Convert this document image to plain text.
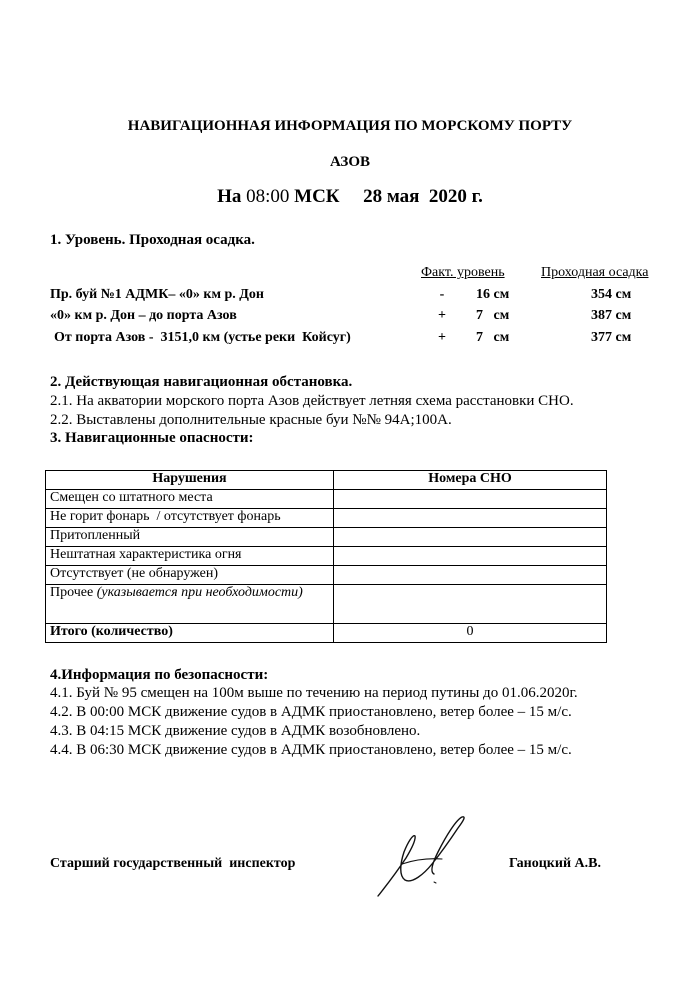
НАВИГАЦИОННАЯ ИНФОРМАЦИЯ ПО МОРСКОМУ ПОРТУ
АЗОВ
На 08:00 МСК 28 мая  2020 г.
1. Уровень. Проходная осадка.
Факт. уровень	Проходная осадка
Пр. буй №1 АДМК– «0» км р. Дон	-	16 см	354 см
«0» км р. Дон – до порта Азов	+ 7   см	387 см
От порта Азов -  3151,0 км (устье реки  Койсуг)	+ 7   см	377 см
2. Действующая навигационная обстановка.
2.1. На акватории морского порта Азов действует летняя схема расстановки СНО.
2.2. Выставлены дополнительные красные буи №№ 94А;100А.
3. Навигационные опасности:
Нарушения	Номера СНО
Смещен со штатного места	
Не горит фонарь  / отсутствует фонарь	
Притопленный	
Нештатная характеристика огня	
Отсутствует (не обнаружен)	
Прочее (указывается при необходимости)	
Итого (количество)	0
4.Информация по безопасности:
4.1. Буй № 95 смещен на 100м выше по течению на период путины до 01.06.2020г.
4.2. В 00:00 МСК движение судов в АДМК приостановлено, ветер более – 15 м/с.
4.3. В 04:15 МСК движение судов в АДМК возобновлено.
4.4. В 06:30 МСК движение судов в АДМК приостановлено, ветер более – 15 м/с.
Старший государственный  инспектор	Ганоцкий А.В.
